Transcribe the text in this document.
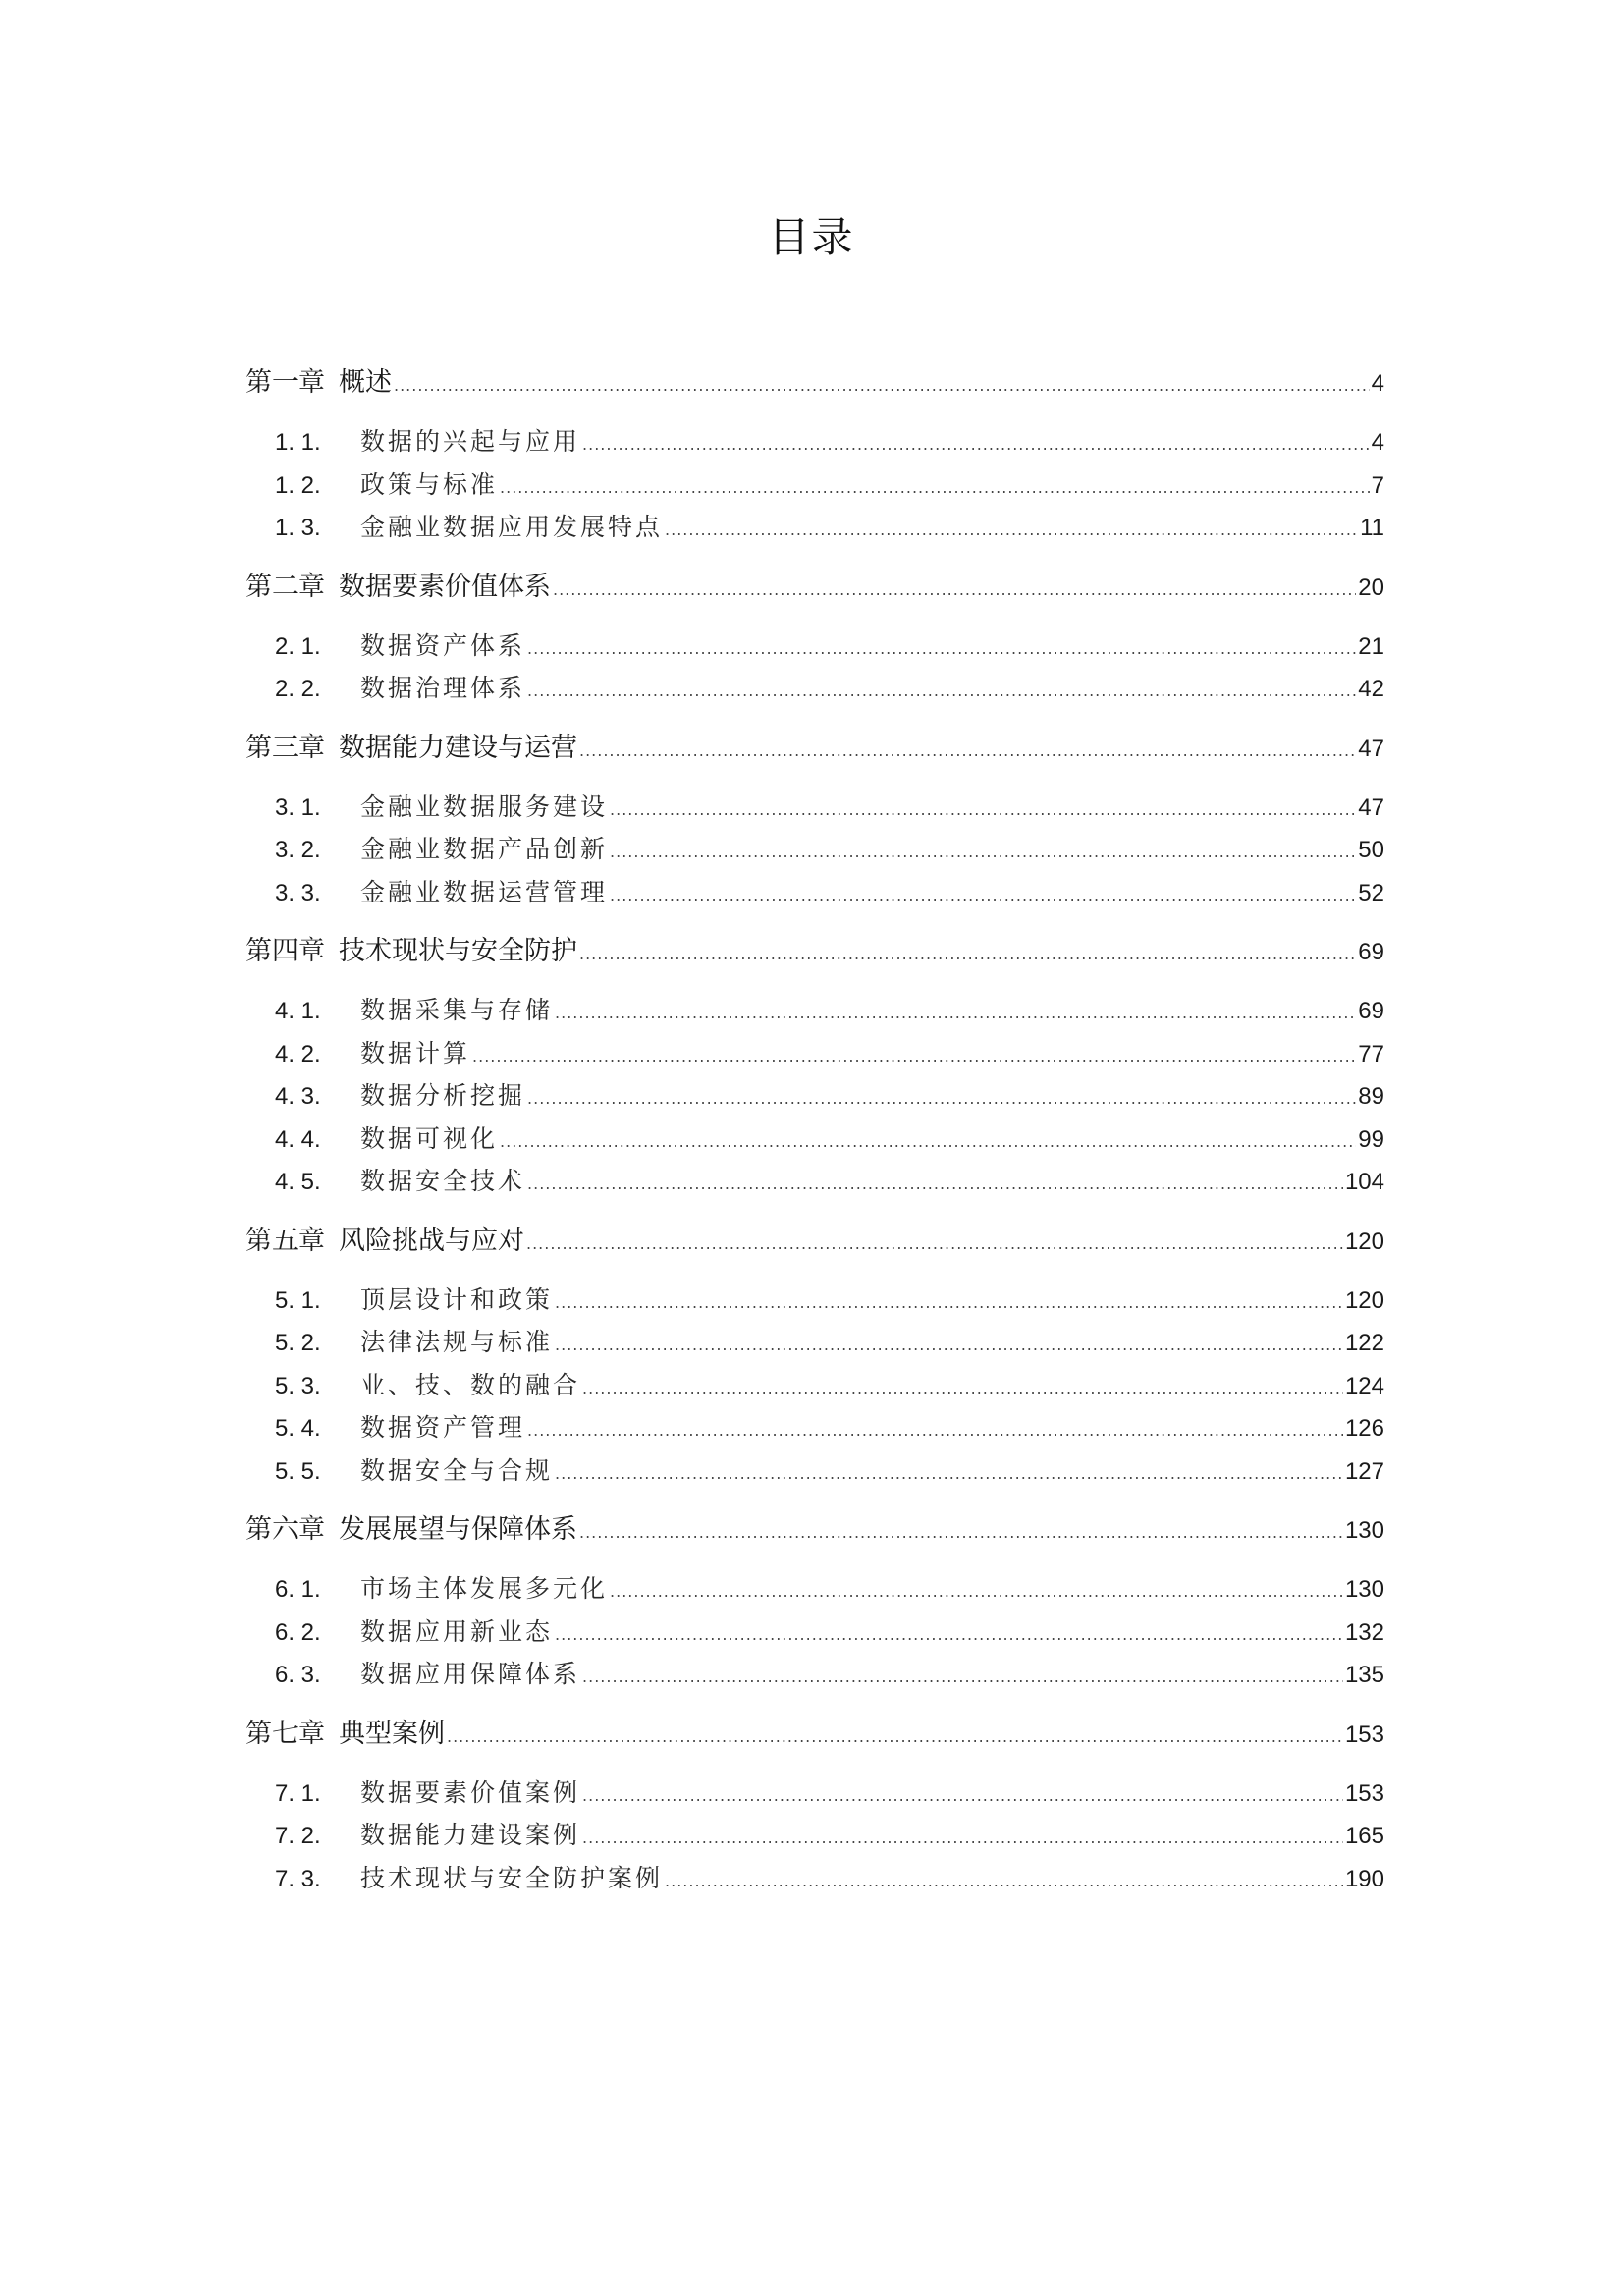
目录
第一章 概述 .....	4
1. 1.	数据的兴起与应用 .....	4
1. 2.	政策与标准 .....	7
1. 3.	金融业数据应用发展特点 .....	11
第二章 数据要素价值体系 .....	20
2. 1.	数据资产体系 .....	21
2. 2.	数据治理体系 .....	42
第三章 数据能力建设与运营 .....	47
3. 1.	金融业数据服务建设 .....	47
3. 2.	金融业数据产品创新 .....	50
3. 3.	金融业数据运营管理 .....	52
第四章 技术现状与安全防护 .....	69
4. 1.	数据采集与存储 .....	69
4. 2.	数据计算 .....	77
4. 3.	数据分析挖掘 .....	89
4. 4.	数据可视化 .....	99
4. 5.	数据安全技术 .....	104
第五章 风险挑战与应对 .....	120
5. 1.	顶层设计和政策 .....	120
5. 2.	法律法规与标准 .....	122
5. 3.	业、技、数的融合 .....	124
5. 4.	数据资产管理 .....	126
5. 5.	数据安全与合规 .....	127
第六章 发展展望与保障体系 .....	130
6. 1.	市场主体发展多元化 .....	130
6. 2.	数据应用新业态 .....	132
6. 3.	数据应用保障体系 .....	135
第七章 典型案例 .....	153
7. 1.	数据要素价值案例 .....	153
7. 2.	数据能力建设案例 .....	165
7. 3.	技术现状与安全防护案例 .....	190
